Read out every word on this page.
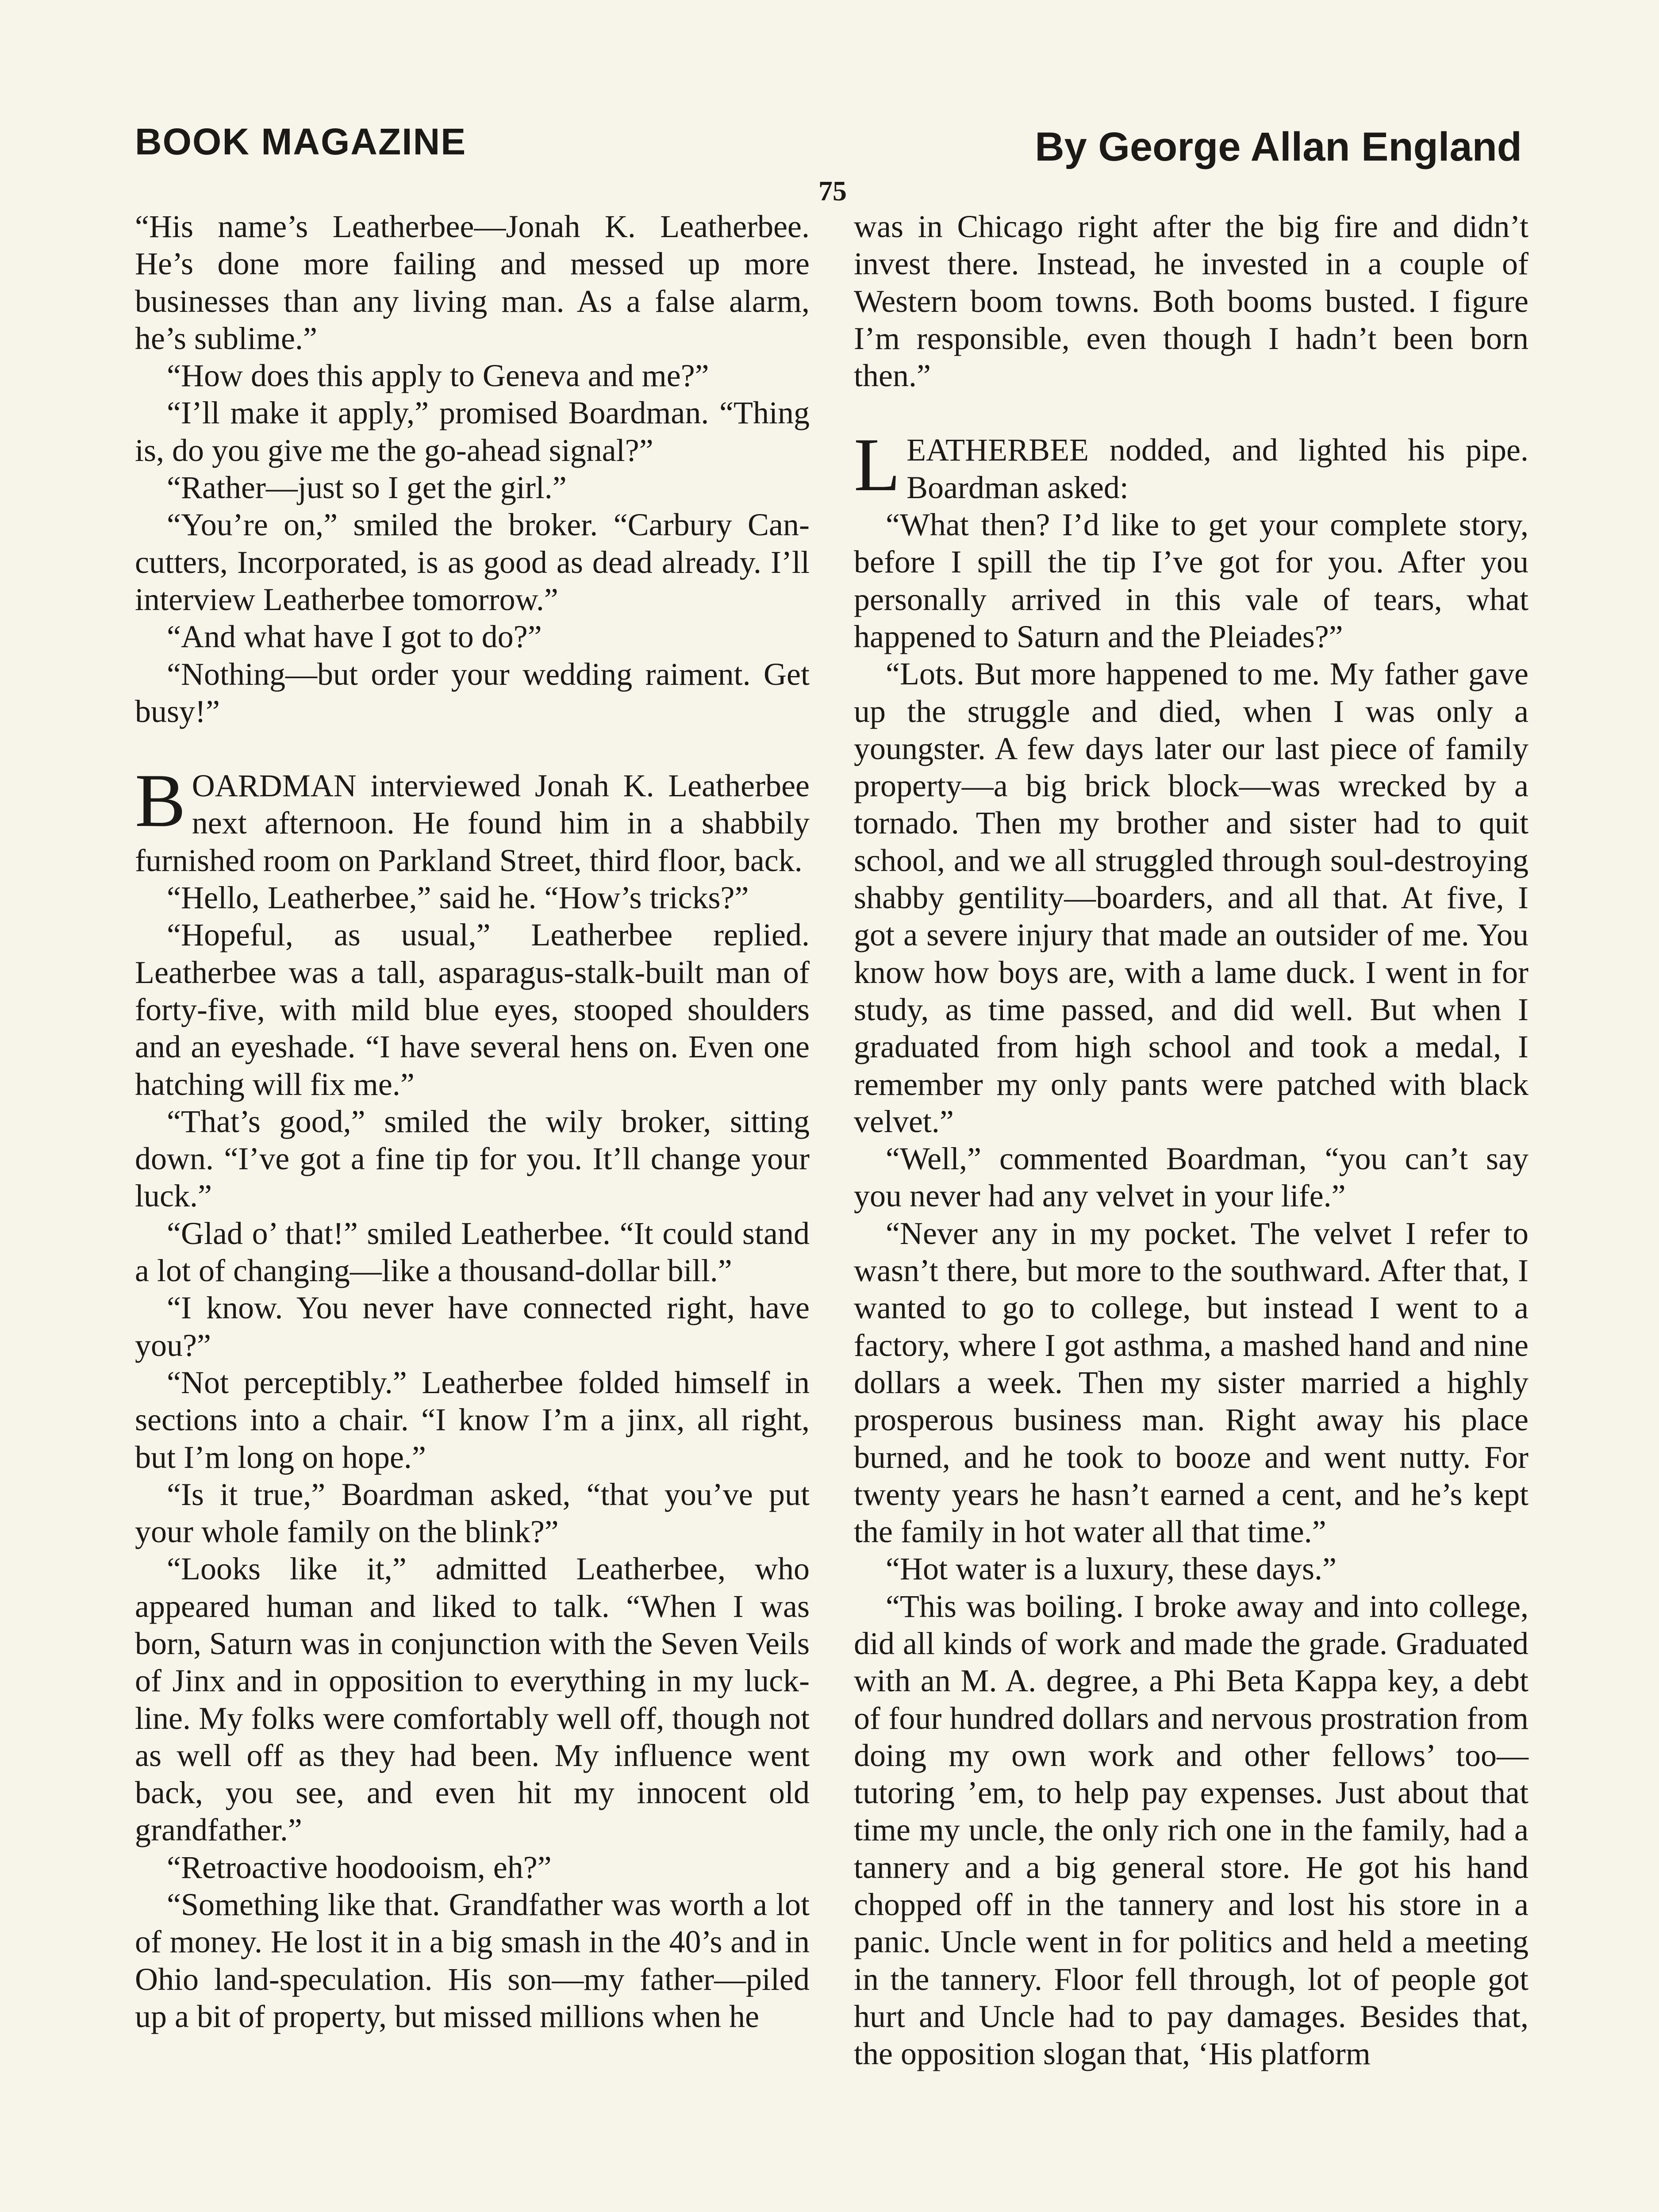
BOOK MAGAZINE	By George Allan England
75

“His name’s Leatherbee—Jonah K. Leatherbee. He’s done more failing and messed up more businesses than any living man. As a false alarm, he’s sublime.”

“How does this apply to Geneva and me?”

“I’ll make it apply,” promised Boardman. “Thing is, do you give me the go-ahead signal?”

“Rather—just so I get the girl.”

“You’re on,” smiled the broker. “Carbury Can-cutters, Incorporated, is as good as dead already. I’ll interview Leatherbee tomorrow.”

“And what have I got to do?”

“Nothing—but order your wedding raiment. Get busy!”

BOARDMAN interviewed Jonah K. Leatherbee next afternoon. He found him in a shabbily furnished room on Parkland Street, third floor, back.

“Hello, Leatherbee,” said he. “How’s tricks?”

“Hopeful, as usual,” Leatherbee replied. Leatherbee was a tall, asparagus-stalk-built man of forty-five, with mild blue eyes, stooped shoulders and an eyeshade. “I have several hens on. Even one hatching will fix me.”

“That’s good,” smiled the wily broker, sitting down. “I’ve got a fine tip for you. It’ll change your luck.”

“Glad o’ that!” smiled Leatherbee. “It could stand a lot of changing—like a thousand-dollar bill.”

“I know. You never have connected right, have you?”

“Not perceptibly.” Leatherbee folded himself in sections into a chair. “I know I’m a jinx, all right, but I’m long on hope.”

“Is it true,” Boardman asked, “that you’ve put your whole family on the blink?”

“Looks like it,” admitted Leatherbee, who appeared human and liked to talk. “When I was born, Saturn was in conjunction with the Seven Veils of Jinx and in opposition to everything in my luck-line. My folks were comfortably well off, though not as well off as they had been. My influence went back, you see, and even hit my innocent old grandfather.”

“Retroactive hoodooism, eh?”

“Something like that. Grandfather was worth a lot of money. He lost it in a big smash in the 40’s and in Ohio land-speculation. His son—my father—piled up a bit of property, but missed millions when he

was in Chicago right after the big fire and didn’t invest there. Instead, he invested in a couple of Western boom towns. Both booms busted. I figure I’m responsible, even though I hadn’t been born then.”

LEATHERBEE nodded, and lighted his pipe. Boardman asked:

“What then? I’d like to get your complete story, before I spill the tip I’ve got for you. After you personally arrived in this vale of tears, what happened to Saturn and the Pleiades?”

“Lots. But more happened to me. My father gave up the struggle and died, when I was only a youngster. A few days later our last piece of family property—a big brick block—was wrecked by a tornado. Then my brother and sister had to quit school, and we all struggled through soul-destroying shabby gentility—boarders, and all that. At five, I got a severe injury that made an outsider of me. You know how boys are, with a lame duck. I went in for study, as time passed, and did well. But when I graduated from high school and took a medal, I remember my only pants were patched with black velvet.”

“Well,” commented Boardman, “you can’t say you never had any velvet in your life.”

“Never any in my pocket. The velvet I refer to wasn’t there, but more to the southward. After that, I wanted to go to college, but instead I went to a factory, where I got asthma, a mashed hand and nine dollars a week. Then my sister married a highly prosperous business man. Right away his place burned, and he took to booze and went nutty. For twenty years he hasn’t earned a cent, and he’s kept the family in hot water all that time.”

“Hot water is a luxury, these days.”

“This was boiling. I broke away and into college, did all kinds of work and made the grade. Graduated with an M. A. degree, a Phi Beta Kappa key, a debt of four hundred dollars and nervous prostration from doing my own work and other fellows’ too—tutoring ’em, to help pay expenses. Just about that time my uncle, the only rich one in the family, had a tannery and a big general store. He got his hand chopped off in the tannery and lost his store in a panic. Uncle went in for politics and held a meeting in the tannery. Floor fell through, lot of people got hurt and Uncle had to pay damages. Besides that, the opposition slogan that, ‘His platform
